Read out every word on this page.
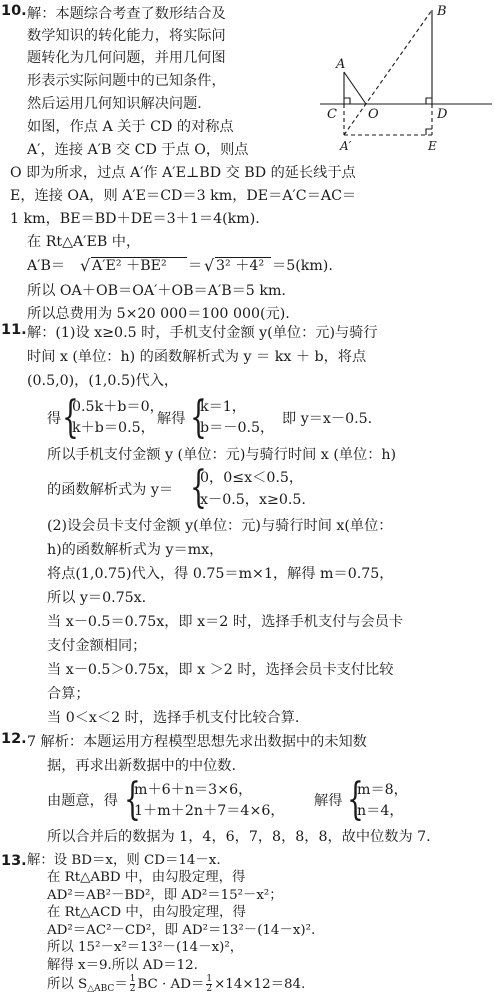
10. 解：本题综合考查了数形结合及
数学知识的转化能力，将实际问
题转化为几何问题，并用几何图
形表示实际问题中的已知条件，
然后运用几何知识解决问题.
如图，作点 A 关于 CD 的对称点
A′，连接 A′B 交 CD 于点 O，则点
O 即为所求，过点 A′作 A′E⊥BD 交 BD 的延长线于点
E，连接 OA，则 A′E＝CD＝3 km，DE＝A′C＝AC＝
1 km，BE＝BD＋DE＝3＋1＝4(km).
在 Rt△A′EB 中，
A′B＝ √ A′E² ＋BE² ＝ √ 3² ＋4² ＝5(km).
所以 OA＋OB＝OA′＋OB＝A′B＝5 km.
所以总费用为 5×20 000＝100 000(元).
B
A
C O	D
A′	E
11. 解：(1)设 x≥0.5 时，手机支付金额 y(单位：元)与骑行
时间 x (单位：h) 的函数解析式为 y ＝ kx ＋ b，将点
(0.5,0)，(1,0.5)代入，
得 {
0.5k＋b＝0，
k＋b＝0.5，
解得 {
k＝1，
b＝－0.5，
即 y＝x－0.5.
所以手机支付金额 y (单位：元)与骑行时间 x (单位：h)
的函数解析式为 y＝ {
0，0≤x＜0.5，
x－0.5，x≥0.5.
(2)设会员卡支付金额 y(单位：元)与骑行时间 x(单位：
h)的函数解析式为 y＝mx，
将点(1,0.75)代入，得 0.75＝m×1，解得 m＝0.75，
所以 y＝0.75x.
当 x－0.5＝0.75x，即 x＝2 时，选择手机支付与会员卡
支付金额相同；
当 x－0.5＞0.75x，即 x ＞2 时，选择会员卡支付比较
合算；
当 0＜x＜2 时，选择手机支付比较合算.
12. 7 解析：本题运用方程模型思想先求出数据中的未知数
据，再求出新数据中的中位数.
由题意，得 {
m＋6＋n＝3×6，
1＋m＋2n＋7＝4×6，
解得 {
m＝8，
n＝4，
所以合并后的数据为 1，4，6，7，8，8，8，故中位数为 7.
13. 解：设 BD＝x，则 CD＝14－x.
在 Rt△ABD 中，由勾股定理，得
AD²＝AB²－BD²，即 AD²＝15²－x²；
在 Rt△ACD 中，由勾股定理，得
AD²＝AC²－CD²，即 AD²＝13²－(14－x)².
所以 15²－x²＝13²－(14－x)²，
解得 x＝9.所以 AD＝12.
所以 $S_{\triangle ABC}= \frac{1}{2}$ BC · $AD= \frac{1}{2} \times 14\times 12=84$.
